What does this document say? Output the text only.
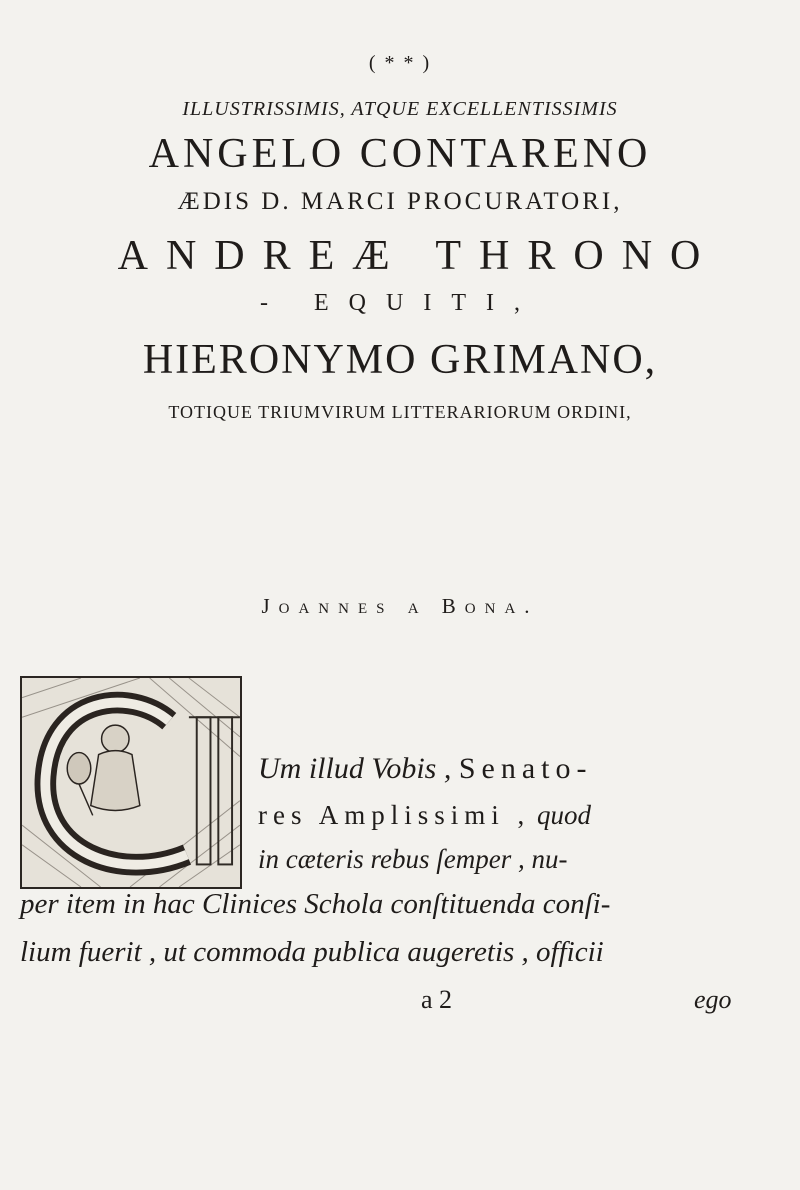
( * * )
ILLUSTRISSIMIS, ATQUE EXCELLENTISSIMIS
ANGELO CONTARENO
ÆDIS D. MARCI PROCURATORI,
ANDREÆ THRONO
- EQUITI,
HIERONYMO GRIMANO,
TOTIQUE TRIUMVIRUM LITTERARIORUM ORDINI,
Joannes a Bona.
Um illud Vobis , Senato-
res Amplissimi , quod
in cæteris rebus ſemper , nu-
per item in hac Clinices Schola conſtituenda conſi-
lium fuerit , ut commoda publica augeretis , officii
a 2	ego
